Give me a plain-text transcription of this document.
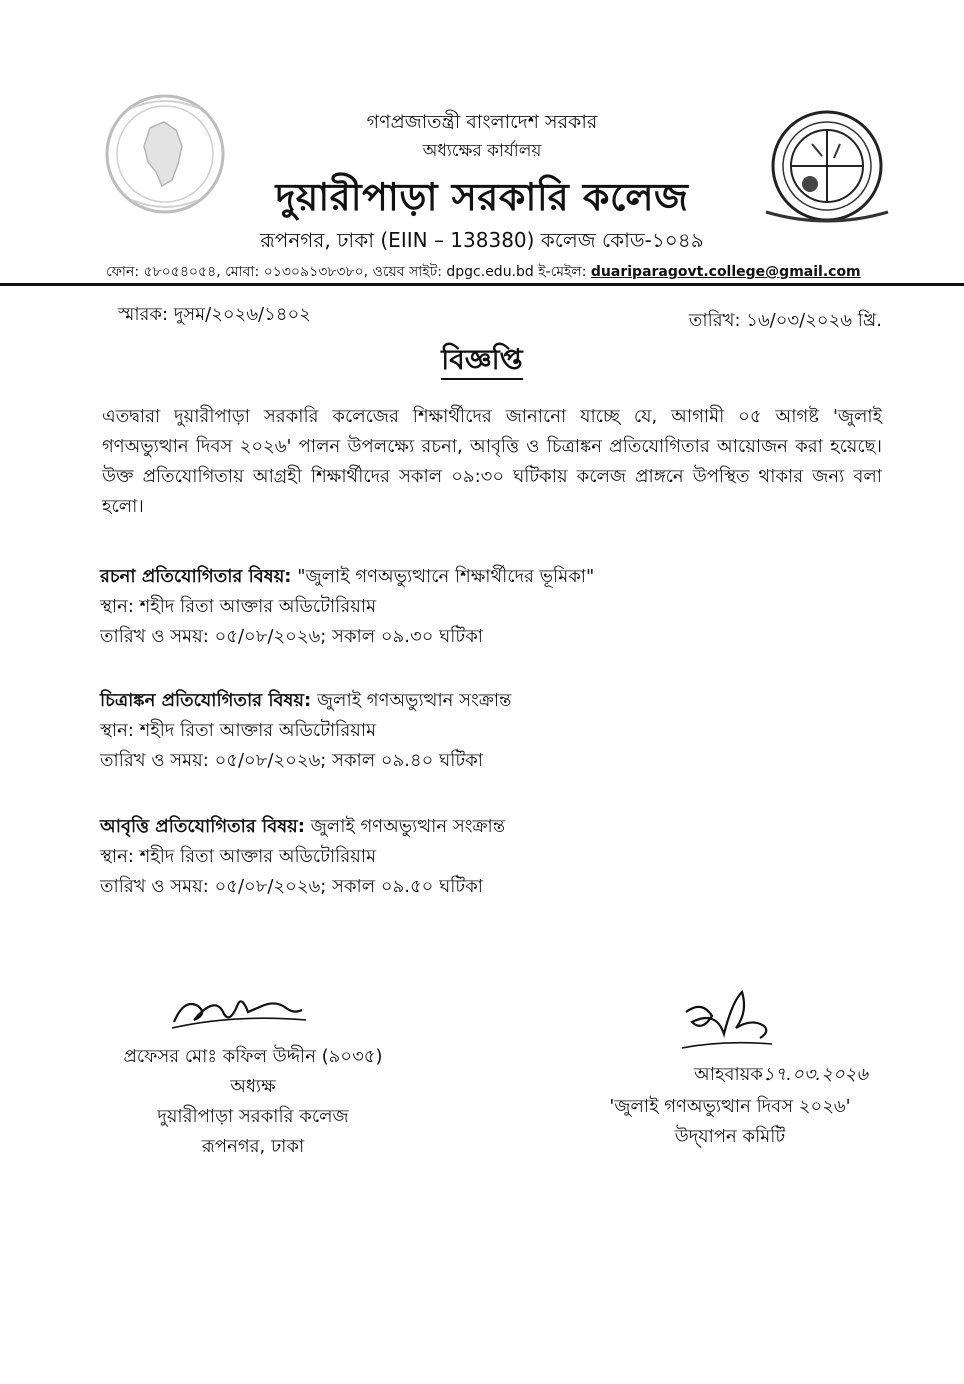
গণপ্রজাতন্ত্রী বাংলাদেশ সরকার
অধ্যক্ষের কার্যালয়
দুয়ারীপাড়া সরকারি কলেজ
রূপনগর, ঢাকা (EIIN – 138380) কলেজ কোড-১০৪৯
ফোন: ৫৮০৫৪০৫৪, মোবা: ০১৩০৯১৩৮৩৮০, ওয়েব সাইট: dpgc.edu.bd ই-মেইল: duariparagovt.college@gmail.com
স্মারক: দুসম/২০২৬/১৪০২	তারিখ: ১৬/০৩/২০২৬ খ্রি.
বিজ্ঞপ্তি
এতদ্বারা দুয়ারীপাড়া সরকারি কলেজের শিক্ষার্থীদের জানানো যাচ্ছে যে, আগামী ০৫ আগষ্ট 'জুলাই গণঅভ্যুত্থান দিবস ২০২৬' পালন উপলক্ষ্যে রচনা, আবৃত্তি ও চিত্রাঙ্কন প্রতিযোগিতার আয়োজন করা হয়েছে। উক্ত প্রতিযোগিতায় আগ্রহী শিক্ষার্থীদের সকাল ০৯:৩০ ঘটিকায় কলেজ প্রাঙ্গনে উপস্থিত থাকার জন্য বলা হলো।
রচনা প্রতিযোগিতার বিষয়: "জুলাই গণঅভ্যুত্থানে শিক্ষার্থীদের ভূমিকা"
স্থান: শহীদ রিতা আক্তার অডিটোরিয়াম
তারিখ ও সময়: ০৫/০৮/২০২৬; সকাল ০৯.৩০ ঘটিকা
চিত্রাঙ্কন প্রতিযোগিতার বিষয়: জুলাই গণঅভ্যুত্থান সংক্রান্ত
স্থান: শহীদ রিতা আক্তার অডিটোরিয়াম
তারিখ ও সময়: ০৫/০৮/২০২৬; সকাল ০৯.৪০ ঘটিকা
আবৃত্তি প্রতিযোগিতার বিষয়: জুলাই গণঅভ্যুত্থান সংক্রান্ত
স্থান: শহীদ রিতা আক্তার অডিটোরিয়াম
তারিখ ও সময়: ০৫/০৮/২০২৬; সকাল ০৯.৫০ ঘটিকা
প্রফেসর মোঃ কফিল উদ্দীন (৯০৩৫)
অধ্যক্ষ
দুয়ারীপাড়া সরকারি কলেজ
রূপনগর, ঢাকা
আহবায়ক১৭.০৩.২০২৬
'জুলাই গণঅভ্যুত্থান দিবস ২০২৬'
উদ্‌যাপন কমিটি
